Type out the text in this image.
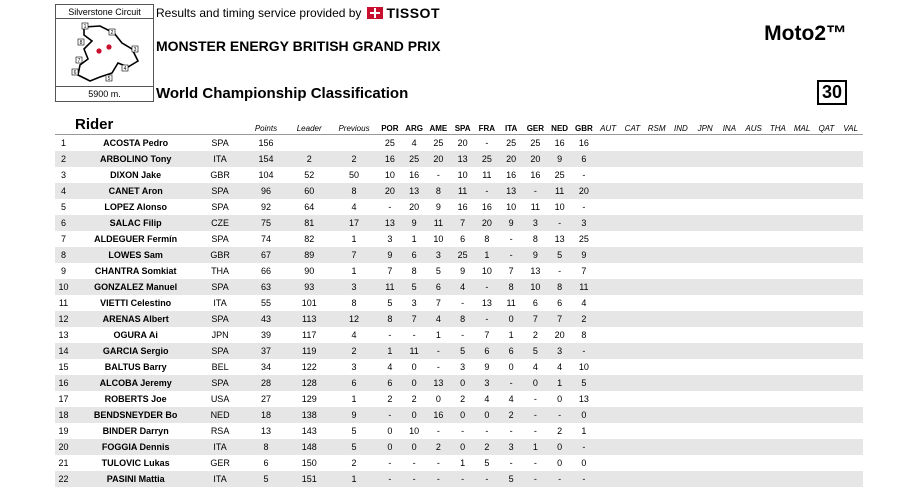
Silverstone Circuit
1
2
3
4
5
6
7
8
5900 m.
Results and timing service provided by TISSOT
MONSTER ENERGY BRITISH GRAND PRIX
World Championship Classification
Moto2™
30
Rider			Points	Leader	Previous	POR	ARG	AME	SPA	FRA	ITA	GER	NED	GBR	AUT	CAT	RSM	IND	JPN	INA	AUS	THA	MAL	QAT	VAL
1	ACOSTA Pedro	SPA	156			25	4	25	20	-	25	25	16	16											
2	ARBOLINO Tony	ITA	154	2	2	16	25	20	13	25	20	20	9	6											
3	DIXON Jake	GBR	104	52	50	10	16	-	10	11	16	16	25	-											
4	CANET Aron	SPA	96	60	8	20	13	8	11	-	13	-	11	20											
5	LOPEZ Alonso	SPA	92	64	4	-	20	9	16	16	10	11	10	-											
6	SALAC Filip	CZE	75	81	17	13	9	11	7	20	9	3	-	3											
7	ALDEGUER Fermín	SPA	74	82	1	3	1	10	6	8	-	8	13	25											
8	LOWES Sam	GBR	67	89	7	9	6	3	25	1	-	9	5	9											
9	CHANTRA Somkiat	THA	66	90	1	7	8	5	9	10	7	13	-	7											
10	GONZALEZ Manuel	SPA	63	93	3	11	5	6	4	-	8	10	8	11											
11	VIETTI Celestino	ITA	55	101	8	5	3	7	-	13	11	6	6	4											
12	ARENAS Albert	SPA	43	113	12	8	7	4	8	-	0	7	7	2											
13	OGURA Ai	JPN	39	117	4	-	-	1	-	7	1	2	20	8											
14	GARCIA Sergio	SPA	37	119	2	1	11	-	5	6	6	5	3	-											
15	BALTUS Barry	BEL	34	122	3	4	0	-	3	9	0	4	4	10											
16	ALCOBA Jeremy	SPA	28	128	6	6	0	13	0	3	-	0	1	5											
17	ROBERTS Joe	USA	27	129	1	2	2	0	2	4	4	-	0	13											
18	BENDSNEYDER Bo	NED	18	138	9	-	0	16	0	0	2	-	-	0											
19	BINDER Darryn	RSA	13	143	5	0	10	-	-	-	-	-	2	1											
20	FOGGIA Dennis	ITA	8	148	5	0	0	2	0	2	3	1	0	-											
21	TULOVIC Lukas	GER	6	150	2	-	-	-	1	5	-	-	0	0											
22	PASINI Mattia	ITA	5	151	1	-	-	-	-	-	5	-	-	-											
